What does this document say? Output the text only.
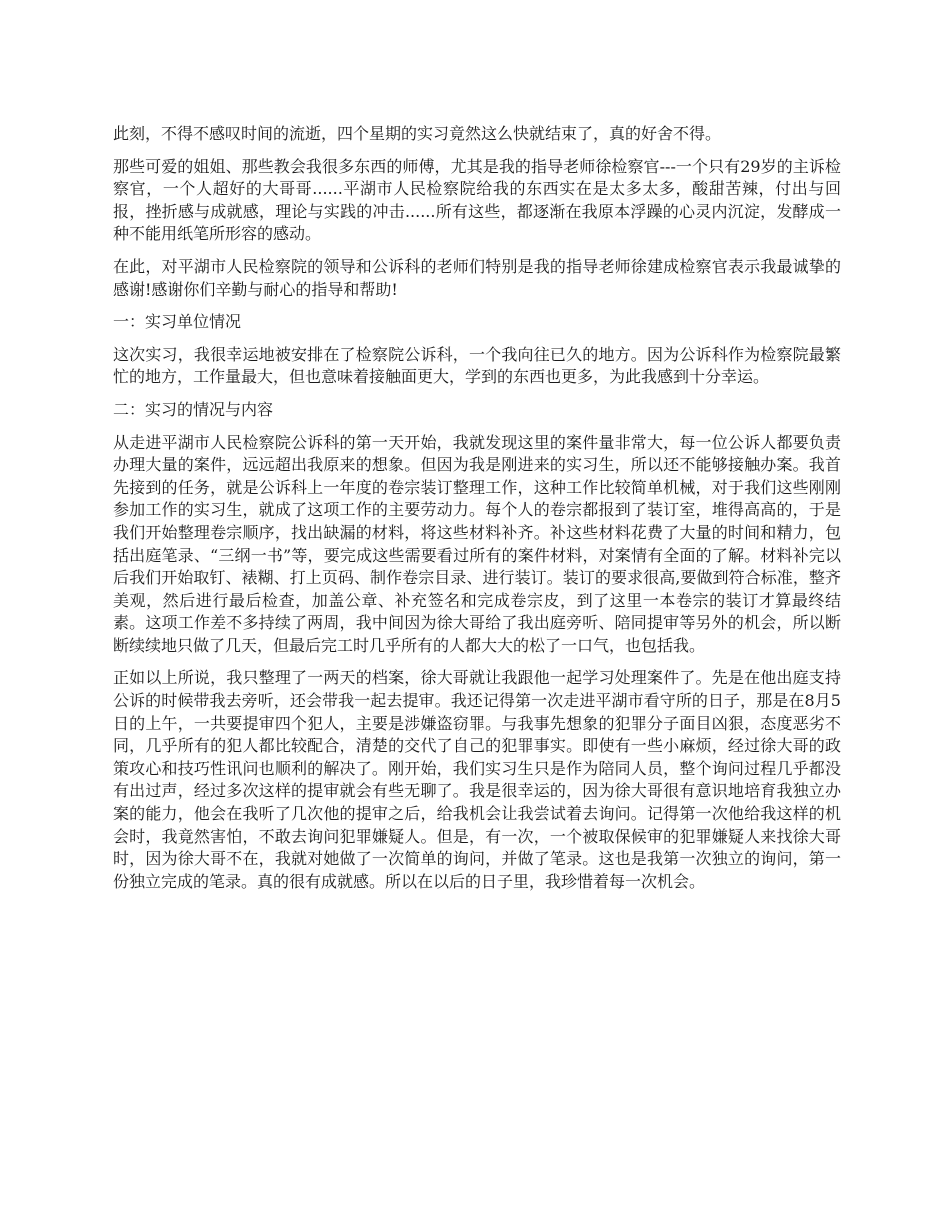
此刻，不得不感叹时间的流逝，四个星期的实习竟然这么快就结束了，真的好舍不得。

那些可爱的姐姐、那些教会我很多东西的师傅，尤其是我的指导老师徐检察官---一个只有29岁的主诉检察官，一个人超好的大哥哥......平湖市人民检察院给我的东西实在是太多太多，酸甜苦辣，付出与回报，挫折感与成就感，理论与实践的冲击......所有这些，都逐渐在我原本浮躁的心灵内沉淀，发酵成一种不能用纸笔所形容的感动。

在此，对平湖市人民检察院的领导和公诉科的老师们特别是我的指导老师徐建成检察官表示我最诚挚的感谢!感谢你们辛勤与耐心的指导和帮助!

一：实习单位情况

这次实习，我很幸运地被安排在了检察院公诉科，一个我向往已久的地方。因为公诉科作为检察院最繁忙的地方，工作量最大，但也意味着接触面更大，学到的东西也更多，为此我感到十分幸运。

二：实习的情况与内容

从走进平湖市人民检察院公诉科的第一天开始，我就发现这里的案件量非常大，每一位公诉人都要负责办理大量的案件，远远超出我原来的想象。但因为我是刚进来的实习生，所以还不能够接触办案。我首先接到的任务，就是公诉科上一年度的卷宗装订整理工作，这种工作比较简单机械，对于我们这些刚刚参加工作的实习生，就成了这项工作的主要劳动力。每个人的卷宗都报到了装订室，堆得高高的，于是我们开始整理卷宗顺序，找出缺漏的材料，将这些材料补齐。补这些材料花费了大量的时间和精力，包括出庭笔录、“三纲一书”等，要完成这些需要看过所有的案件材料，对案情有全面的了解。材料补完以后我们开始取钉、裱糊、打上页码、制作卷宗目录、进行装订。装订的要求很高,要做到符合标准，整齐美观，然后进行最后检查，加盖公章、补充签名和完成卷宗皮，到了这里一本卷宗的装订才算最终结素。这项工作差不多持续了两周，我中间因为徐大哥给了我出庭旁听、陪同提审等另外的机会，所以断断续续地只做了几天，但最后完工时几乎所有的人都大大的松了一口气，也包括我。

正如以上所说，我只整理了一两天的档案，徐大哥就让我跟他一起学习处理案件了。先是在他出庭支持公诉的时候带我去旁听，还会带我一起去提审。我还记得第一次走进平湖市看守所的日子，那是在8月5日的上午，一共要提审四个犯人，主要是涉嫌盗窃罪。与我事先想象的犯罪分子面目凶狠，态度恶劣不同，几乎所有的犯人都比较配合，清楚的交代了自己的犯罪事实。即使有一些小麻烦，经过徐大哥的政策攻心和技巧性讯问也顺利的解决了。刚开始，我们实习生只是作为陪同人员，整个询问过程几乎都没有出过声，经过多次这样的提审就会有些无聊了。我是很幸运的，因为徐大哥很有意识地培育我独立办案的能力，他会在我听了几次他的提审之后，给我机会让我尝试着去询问。记得第一次他给我这样的机会时，我竟然害怕，不敢去询问犯罪嫌疑人。但是，有一次，一个被取保候审的犯罪嫌疑人来找徐大哥时，因为徐大哥不在，我就对她做了一次简单的询问，并做了笔录。这也是我第一次独立的询问，第一份独立完成的笔录。真的很有成就感。所以在以后的日子里，我珍惜着每一次机会。
